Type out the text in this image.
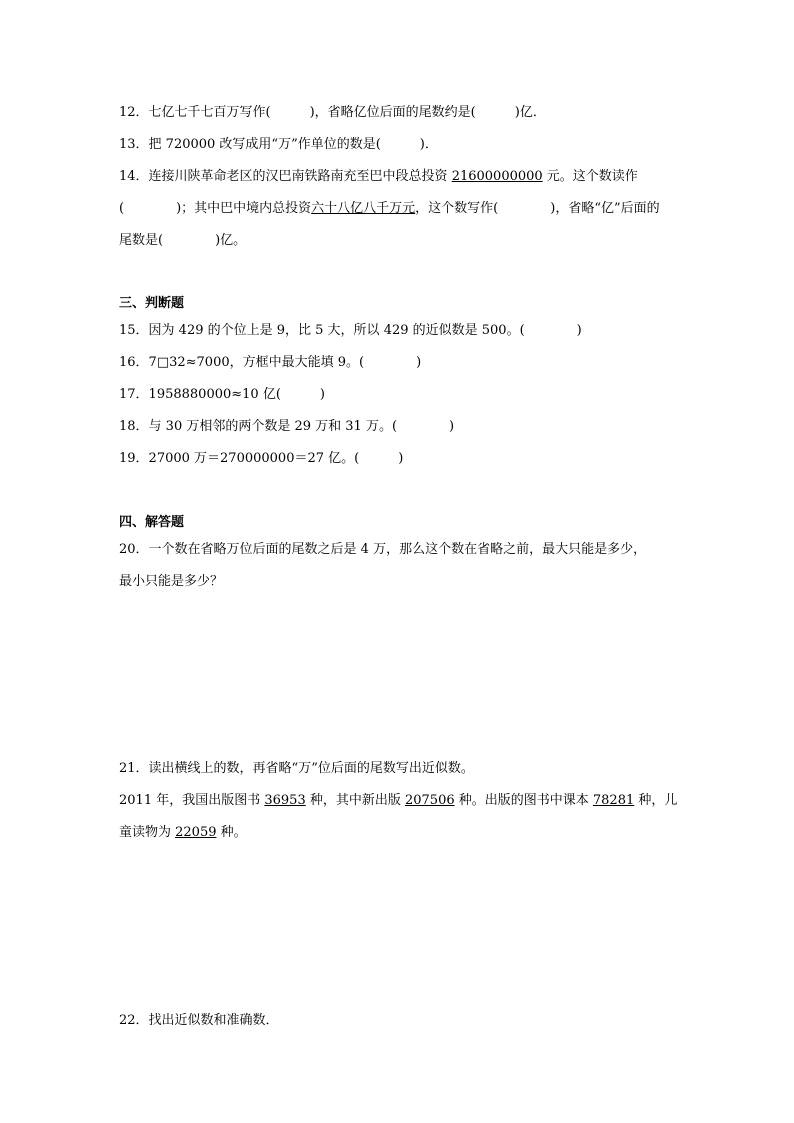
12．七亿七千七百万写作(　　　)，省略亿位后面的尾数约是(　　　)亿．
13．把 720000 改写成用“万”作单位的数是(　　　)．
14．连接川陕革命老区的汉巴南铁路南充至巴中段总投资 21600000000 元。这个数读作
(　　　　)；其中巴中境内总投资六十八亿八千万元，这个数写作(　　　　)，省略“亿”后面的
尾数是(　　　　)亿。
三、判断题
15．因为 429 的个位上是 9，比 5 大，所以 429 的近似数是 500。(　　　　)
16．7□32≈7000，方框中最大能填 9。(　　　　)
17．1958880000≈10 亿(　　　)
18．与 30 万相邻的两个数是 29 万和 31 万。(　　　　)
19．27000 万＝270000000＝27 亿。(　　　)
四、解答题
20．一个数在省略万位后面的尾数之后是 4 万，那么这个数在省略之前，最大只能是多少，
最小只能是多少？
21．读出横线上的数，再省略“万”位后面的尾数写出近似数。
2011 年，我国出版图书 36953 种，其中新出版 207506 种。出版的图书中课本 78281 种，儿
童读物为 22059 种。
22．找出近似数和准确数．
